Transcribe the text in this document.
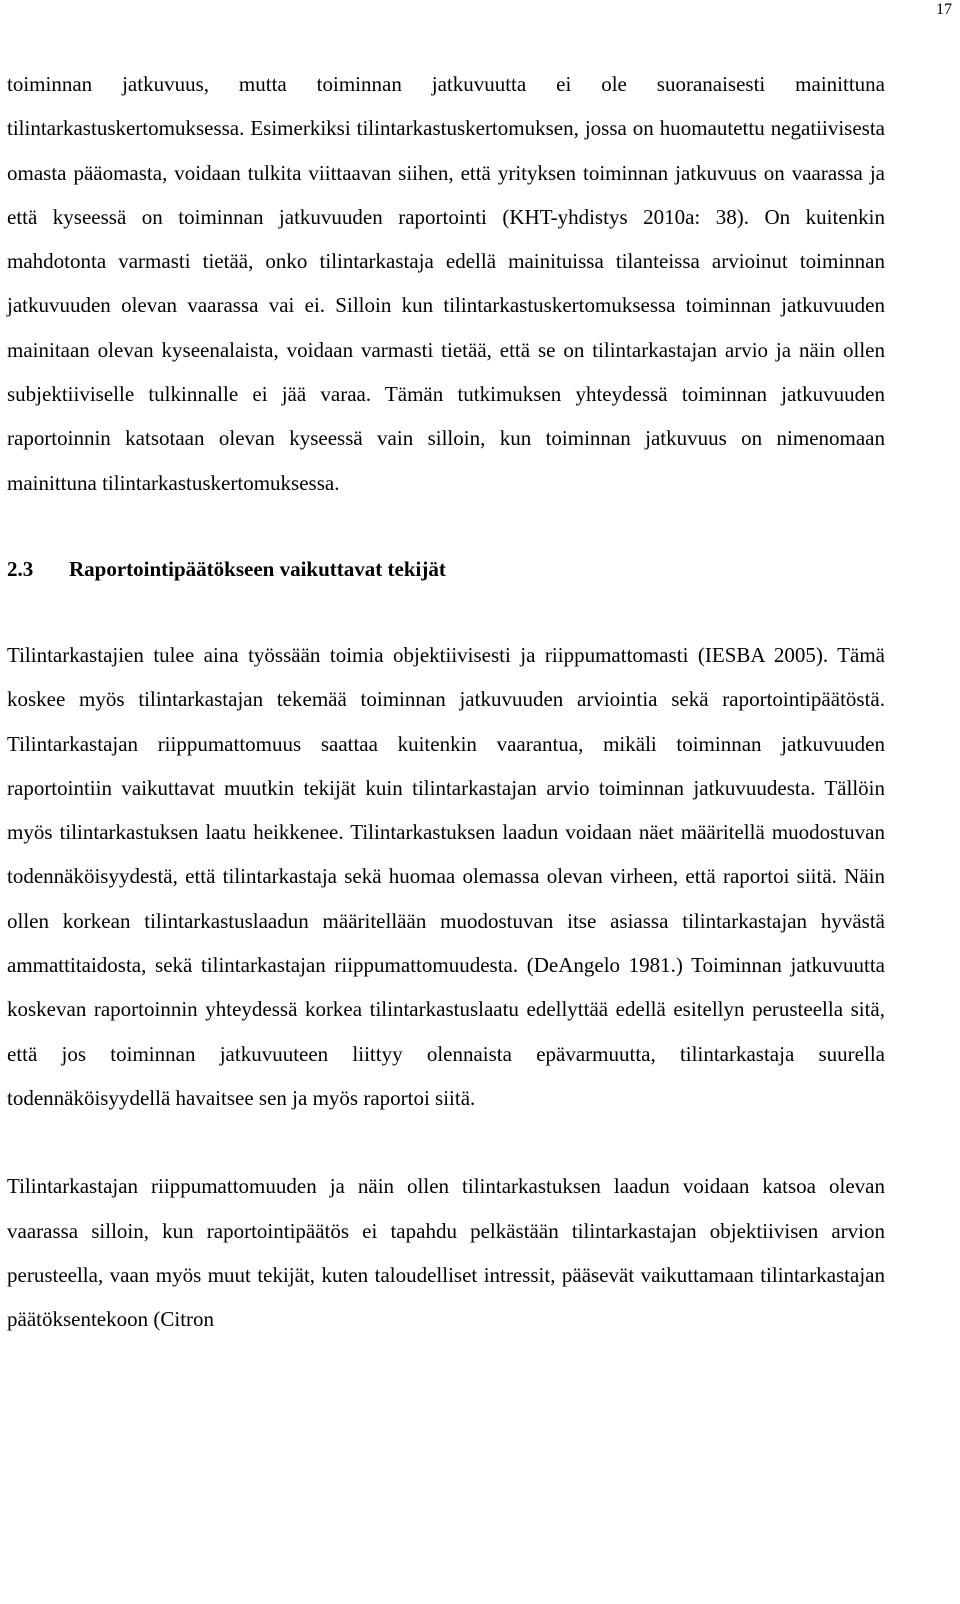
17

toiminnan jatkuvuus, mutta toiminnan jatkuvuutta ei ole suoranaisesti mainittuna tilintarkastuskertomuksessa. Esimerkiksi tilintarkastuskertomuksen, jossa on huomautettu negatiivisesta omasta pääomasta, voidaan tulkita viittaavan siihen, että yrityksen toiminnan jatkuvuus on vaarassa ja että kyseessä on toiminnan jatkuvuuden raportointi (KHT-yhdistys 2010a: 38). On kuitenkin mahdotonta varmasti tietää, onko tilintarkastaja edellä mainituissa tilanteissa arvioinut toiminnan jatkuvuuden olevan vaarassa vai ei. Silloin kun tilintarkastuskertomuksessa toiminnan jatkuvuuden mainitaan olevan kyseenalaista, voidaan varmasti tietää, että se on tilintarkastajan arvio ja näin ollen subjektiiviselle tulkinnalle ei jää varaa. Tämän tutkimuksen yhteydessä toiminnan jatkuvuuden raportoinnin katsotaan olevan kyseessä vain silloin, kun toiminnan jatkuvuus on nimenomaan mainittuna tilintarkastuskertomuksessa.

2.3 Raportointipäätökseen vaikuttavat tekijät

Tilintarkastajien tulee aina työssään toimia objektiivisesti ja riippumattomasti (IESBA 2005). Tämä koskee myös tilintarkastajan tekemää toiminnan jatkuvuuden arviointia sekä raportointipäätöstä. Tilintarkastajan riippumattomuus saattaa kuitenkin vaarantua, mikäli toiminnan jatkuvuuden raportointiin vaikuttavat muutkin tekijät kuin tilintarkastajan arvio toiminnan jatkuvuudesta. Tällöin myös tilintarkastuksen laatu heikkenee. Tilintarkastuksen laadun voidaan näet määritellä muodostuvan todennäköisyydestä, että tilintarkastaja sekä huomaa olemassa olevan virheen, että raportoi siitä. Näin ollen korkean tilintarkastuslaadun määritellään muodostuvan itse asiassa tilintarkastajan hyvästä ammattitaidosta, sekä tilintarkastajan riippumattomuudesta. (DeAngelo 1981.) Toiminnan jatkuvuutta koskevan raportoinnin yhteydessä korkea tilintarkastuslaatu edellyttää edellä esitellyn perusteella sitä, että jos toiminnan jatkuvuuteen liittyy olennaista epävarmuutta, tilintarkastaja suurella todennäköisyydellä havaitsee sen ja myös raportoi siitä.

Tilintarkastajan riippumattomuuden ja näin ollen tilintarkastuksen laadun voidaan katsoa olevan vaarassa silloin, kun raportointipäätös ei tapahdu pelkästään tilintarkastajan objektiivisen arvion perusteella, vaan myös muut tekijät, kuten taloudelliset intressit, pääsevät vaikuttamaan tilintarkastajan päätöksentekoon (Citron
